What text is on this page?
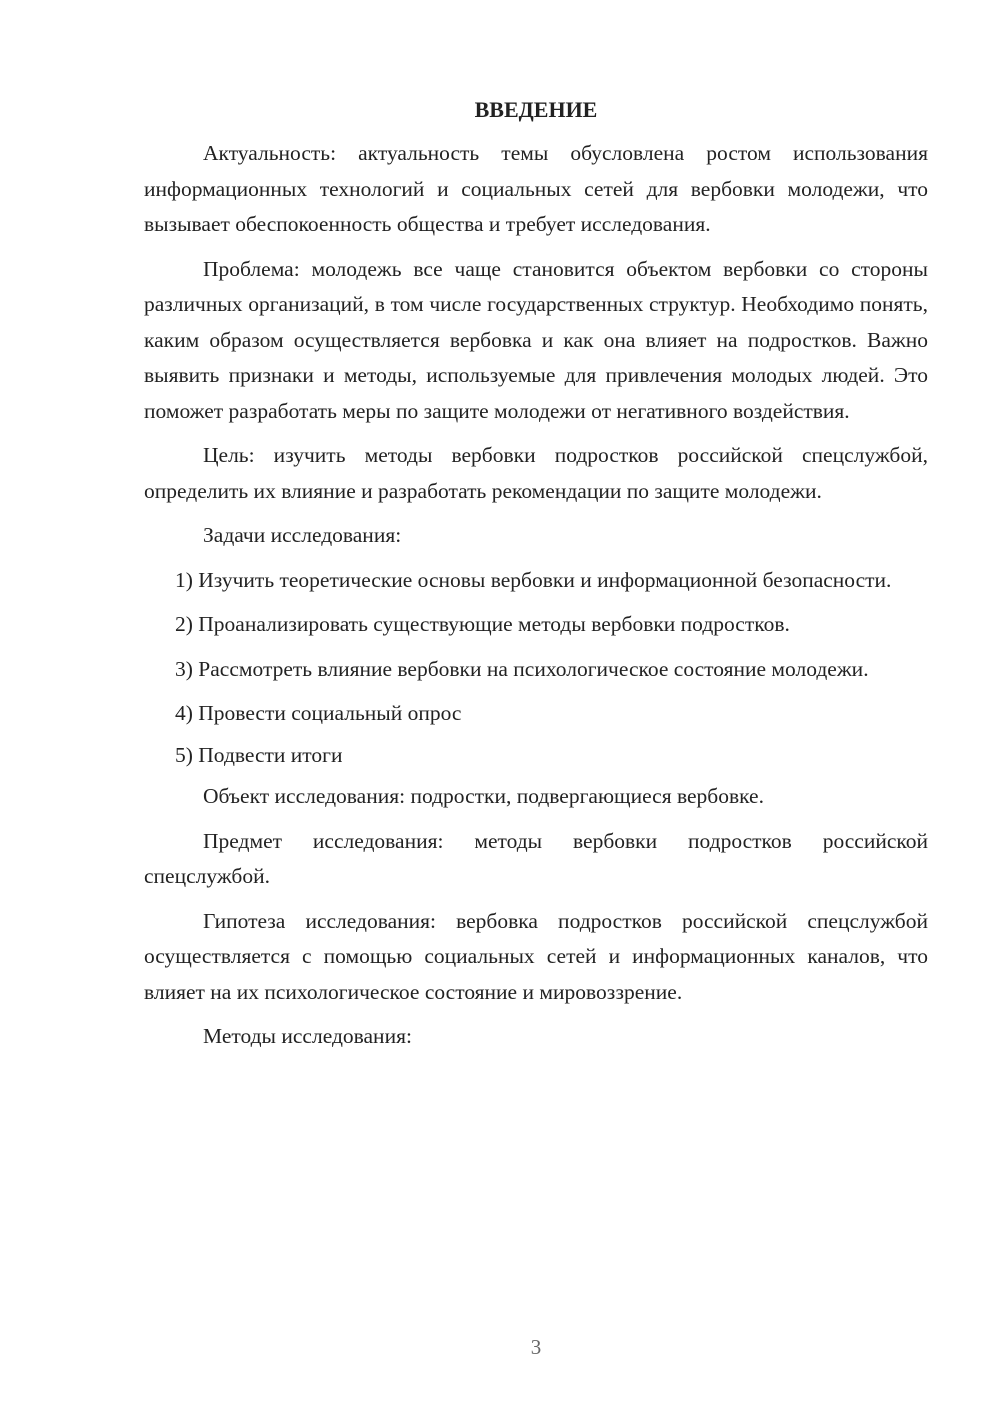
ВВЕДЕНИЕ

Актуальность: актуальность темы обусловлена ростом использования информационных технологий и социальных сетей для вербовки молодежи, что вызывает обеспокоенность общества и требует исследования.

Проблема: молодежь все чаще становится объектом вербовки со стороны различных организаций, в том числе государственных структур. Необходимо понять, каким образом осуществляется вербовка и как она влияет на подростков. Важно выявить признаки и методы, используемые для привлечения молодых людей. Это поможет разработать меры по защите молодежи от негативного воздействия.

Цель: изучить методы вербовки подростков российской спецслужбой, определить их влияние и разработать рекомендации по защите молодежи.

Задачи исследования:

1) Изучить теоретические основы вербовки и информационной безопасности.

2) Проанализировать существующие методы вербовки подростков.

3) Рассмотреть влияние вербовки на психологическое состояние молодежи.

4) Провести социальный опрос

5) Подвести итоги

Объект исследования: подростки, подвергающиеся вербовке.

Предмет исследования: методы вербовки подростков российской спецслужбой.

Гипотеза исследования: вербовка подростков российской спецслужбой осуществляется с помощью социальных сетей и информационных каналов, что влияет на их психологическое состояние и мировоззрение.

Методы исследования:

3
